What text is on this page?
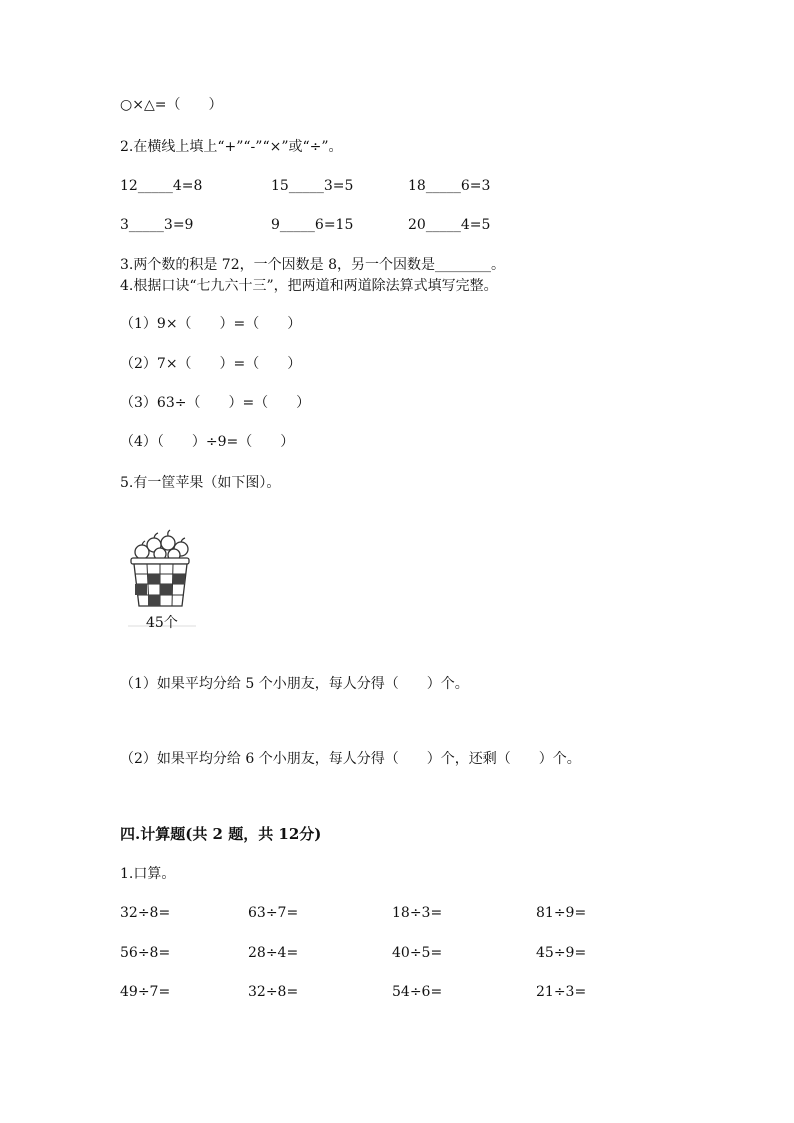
○×△=（　　）
2.在横线上填上“+”“-”“×”或“÷”。
12_____4=8	15_____3=5	18_____6=3
3_____3=9	9_____6=15	20_____4=5
3.两个数的积是 72，一个因数是 8，另一个因数是________。
4.根据口诀“七九六十三”，把两道和两道除法算式填写完整。
（1）9×（　　）=（　　）
（2）7×（　　）=（　　）
（3）63÷（　　）=（　　）
（4）（　　）÷9=（　　）
5.有一筐苹果（如下图）。
45个
（1）如果平均分给 5 个小朋友，每人分得（　　）个。
（2）如果平均分给 6 个小朋友，每人分得（　　）个，还剩（　　）个。
四.计算题(共 2 题，共 12分)
1.口算。
32÷8=	63÷7=	18÷3=	81÷9=
56÷8=	28÷4=	40÷5=	45÷9=
49÷7=	32÷8=	54÷6=	21÷3=
